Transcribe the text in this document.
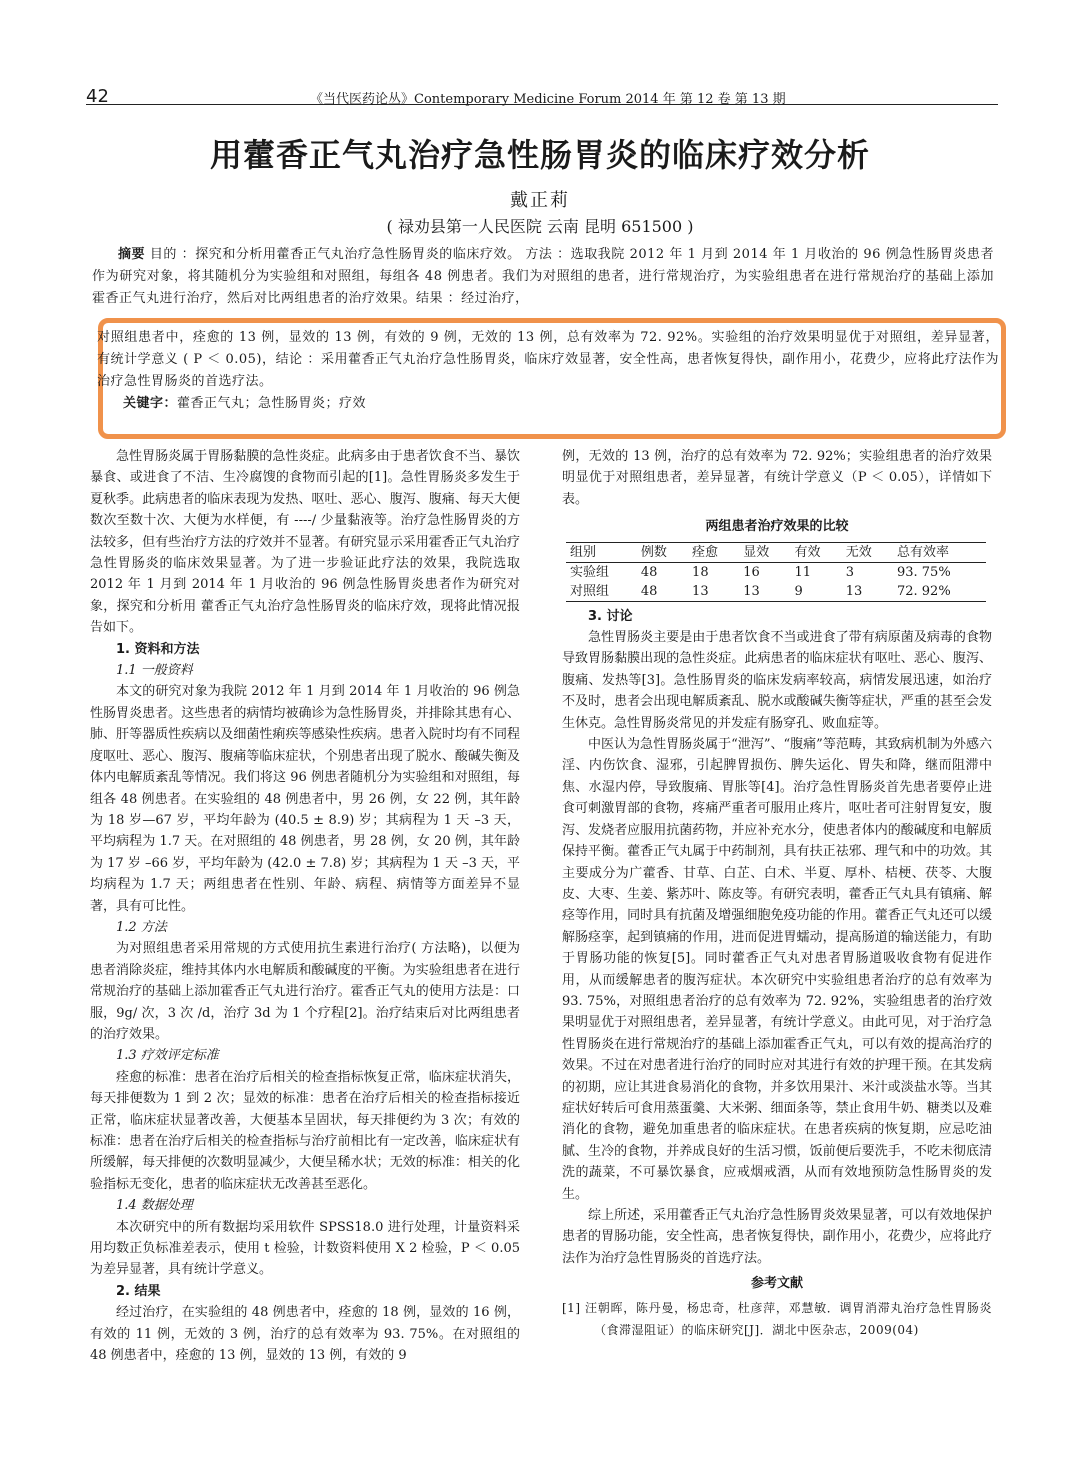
42	《当代医药论丛》Contemporary Medicine Forum 2014 年 第 12 卷 第 13 期
用藿香正气丸治疗急性肠胃炎的临床疗效分析
戴正莉
( 禄劝县第一人民医院 云南 昆明 651500 )

摘要 目的 ：探究和分析用藿香正气丸治疗急性肠胃炎的临床疗效。 方法 ：选取我院 2012 年 1 月到 2014 年 1 月收治的 96 例急性肠胃炎患者作为研究对象，将其随机分为实验组和对照组，每组各 48 例患者。我们为对照组的患者，进行常规治疗，为实验组患者在进行常规治疗的基础上添加霍香正气丸进行治疗，然后对比两组患者的治疗效果。结果 ：经过治疗，

对照组患者中，痊愈的 13 例，显效的 13 例，有效的 9 例，无效的 13 例，总有效率为 72. 92%。实验组的治疗效果明显优于对照组，差异显著，有统计学意义 ( P ＜ 0.05)，结论 ：采用藿香正气丸治疗急性肠胃炎，临床疗效显著，安全性高，患者恢复得快，副作用小，花费少，应将此疗法作为治疗急性胃肠炎的首选疗法。

关键字：藿香正气丸；急性肠胃炎；疗效

急性胃肠炎属于胃肠黏膜的急性炎症。此病多由于患者饮食不当、暴饮暴食、或进食了不洁、生冷腐馊的食物而引起的[1]。急性胃肠炎多发生于夏秋季。此病患者的临床表现为发热、呕吐、恶心、腹泻、腹痛、每天大便数次至数十次、大便为水样便，有 ----/ 少量黏液等。治疗急性肠胃炎的方法较多，但有些治疗方法的疗效并不显著。有研究显示采用霍香正气丸治疗急性胃肠炎的临床效果显著。为了进一步验证此疗法的效果，我院选取 2012 年 1 月到 2014 年 1 月收治的 96 例急性肠胃炎患者作为研究对象，探究和分析用 藿香正气丸治疗急性肠胃炎的临床疗效，现将此情况报告如下。

1. 资料和方法

1.1 一般资料

本文的研究对象为我院 2012 年 1 月到 2014 年 1 月收治的 96 例急性肠胃炎患者。这些患者的病情均被确诊为急性肠胃炎，并排除其患有心、肺、肝等器质性疾病以及细菌性痢疾等感染性疾病。患者入院时均有不同程度呕吐、恶心、腹泻、腹痛等临床症状，个别患者出现了脱水、酸碱失衡及体内电解质紊乱等情况。我们将这 96 例患者随机分为实验组和对照组，每组各 48 例患者。在实验组的 48 例患者中，男 26 例，女 22 例，其年龄为 18 岁—67 岁，平均年龄为 (40.5 ± 8.9) 岁；其病程为 1 天 –3 天，平均病程为 1.7 天。在对照组的 48 例患者，男 28 例，女 20 例，其年龄为 17 岁 –66 岁，平均年龄为 (42.0 ± 7.8) 岁；其病程为 1 天 –3 天，平均病程为 1.7 天；两组患者在性别、年龄、病程、病情等方面差异不显著，具有可比性。

1.2 方法

为对照组患者采用常规的方式使用抗生素进行治疗( 方法略)，以便为患者消除炎症，维持其体内水电解质和酸碱度的平衡。为实验组患者在进行常规治疗的基础上添加霍香正气丸进行治疗。霍香正气丸的使用方法是：口服，9g/ 次，3 次 /d，治疗 3d 为 1 个疗程[2]。治疗结束后对比两组患者的治疗效果。

1.3 疗效评定标准

痊愈的标准：患者在治疗后相关的检查指标恢复正常，临床症状消失，每天排便数为 1 到 2 次；显效的标准：患者在治疗后相关的检查指标接近正常，临床症状显著改善，大便基本呈固状，每天排便约为 3 次；有效的标准：患者在治疗后相关的检查指标与治疗前相比有一定改善，临床症状有所缓解，每天排便的次数明显减少，大便呈稀水状；无效的标准：相关的化验指标无变化，患者的临床症状无改善甚至恶化。

1.4 数据处理

本次研究中的所有数据均采用软件 SPSS18.0 进行处理，计量资料采用均数正负标准差表示，使用 t 检验，计数资料使用 Χ 2 检验，P ＜ 0.05 为差异显著，具有统计学意义。

2. 结果

经过治疗，在实验组的 48 例患者中，痊愈的 18 例，显效的 16 例，有效的 11 例，无效的 3 例，治疗的总有效率为 93. 75%。在对照组的 48 例患者中，痊愈的 13 例，显效的 13 例，有效的 9

例，无效的 13 例，治疗的总有效率为 72. 92%；实验组患者的治疗效果明显优于对照组患者，差异显著，有统计学意义（P ＜ 0.05），详情如下表。

两组患者治疗效果的比较
组别	例数	痊愈	显效	有效	无效	总有效率
实验组	48	18	16	11	3	93. 75%
对照组	48	13	13	9	13	72. 92%

3. 讨论

急性胃肠炎主要是由于患者饮食不当或进食了带有病原菌及病毒的食物导致胃肠黏膜出现的急性炎症。此病患者的临床症状有呕吐、恶心、腹泻、腹痛、发热等[3]。急性肠胃炎的临床发病率较高，病情发展迅速，如治疗不及时，患者会出现电解质紊乱、脱水或酸碱失衡等症状，严重的甚至会发生休克。急性胃肠炎常见的并发症有肠穿孔、败血症等。

中医认为急性胃肠炎属于“泄泻”、“腹痛”等范畴，其致病机制为外感六淫、内伤饮食、湿邪，引起脾胃损伤、脾失运化、胃失和降，继而阻滞中焦、水湿内停，导致腹痛、胃胀等[4]。治疗急性胃肠炎首先患者要停止进食可刺激胃部的食物，疼痛严重者可服用止疼片，呕吐者可注射胃复安，腹泻、发烧者应服用抗菌药物，并应补充水分，使患者体内的酸碱度和电解质保持平衡。藿香正气丸属于中药制剂，具有扶正祛邪、理气和中的功效。其主要成分为广藿香、甘草、白芷、白术、半夏、厚朴、桔梗、茯苓、大腹皮、大枣、生姜、紫苏叶、陈皮等。有研究表明，藿香正气丸具有镇痛、解痉等作用，同时具有抗菌及增强细胞免疫功能的作用。藿香正气丸还可以缓解肠痉挛，起到镇痛的作用，进而促进胃蠕动，提高肠道的输送能力，有助于胃肠功能的恢复[5]。同时藿香正气丸对患者胃肠道吸收食物有促进作用，从而缓解患者的腹泻症状。本次研究中实验组患者治疗的总有效率为 93. 75%，对照组患者治疗的总有效率为 72. 92%，实验组患者的治疗效果明显优于对照组患者，差异显著，有统计学意义。由此可见，对于治疗急性胃肠炎在进行常规治疗的基础上添加霍香正气丸，可以有效的提高治疗的效果。不过在对患者进行治疗的同时应对其进行有效的护理干预。在其发病的初期，应让其进食易消化的食物，并多饮用果汁、米汁或淡盐水等。当其症状好转后可食用蒸蛋羹、大米粥、细面条等，禁止食用牛奶、糖类以及难消化的食物，避免加重患者的临床症状。在患者疾病的恢复期，应忌吃油腻、生冷的食物，并养成良好的生活习惯，饭前便后要洗手，不吃未彻底清洗的蔬菜，不可暴饮暴食，应戒烟戒酒，从而有效地预防急性肠胃炎的发生。

综上所述，采用藿香正气丸治疗急性肠胃炎效果显著，可以有效地保护患者的胃肠功能，安全性高，患者恢复得快，副作用小，花费少，应将此疗法作为治疗急性胃肠炎的首选疗法。

参考文献
[1] 汪朝晖，陈丹曼，杨忠奇，杜彦萍，邓慧敏．调胃消滞丸治疗急性胃肠炎（食滞湿阻证）的临床研究[J]．湖北中医杂志，2009(04)
